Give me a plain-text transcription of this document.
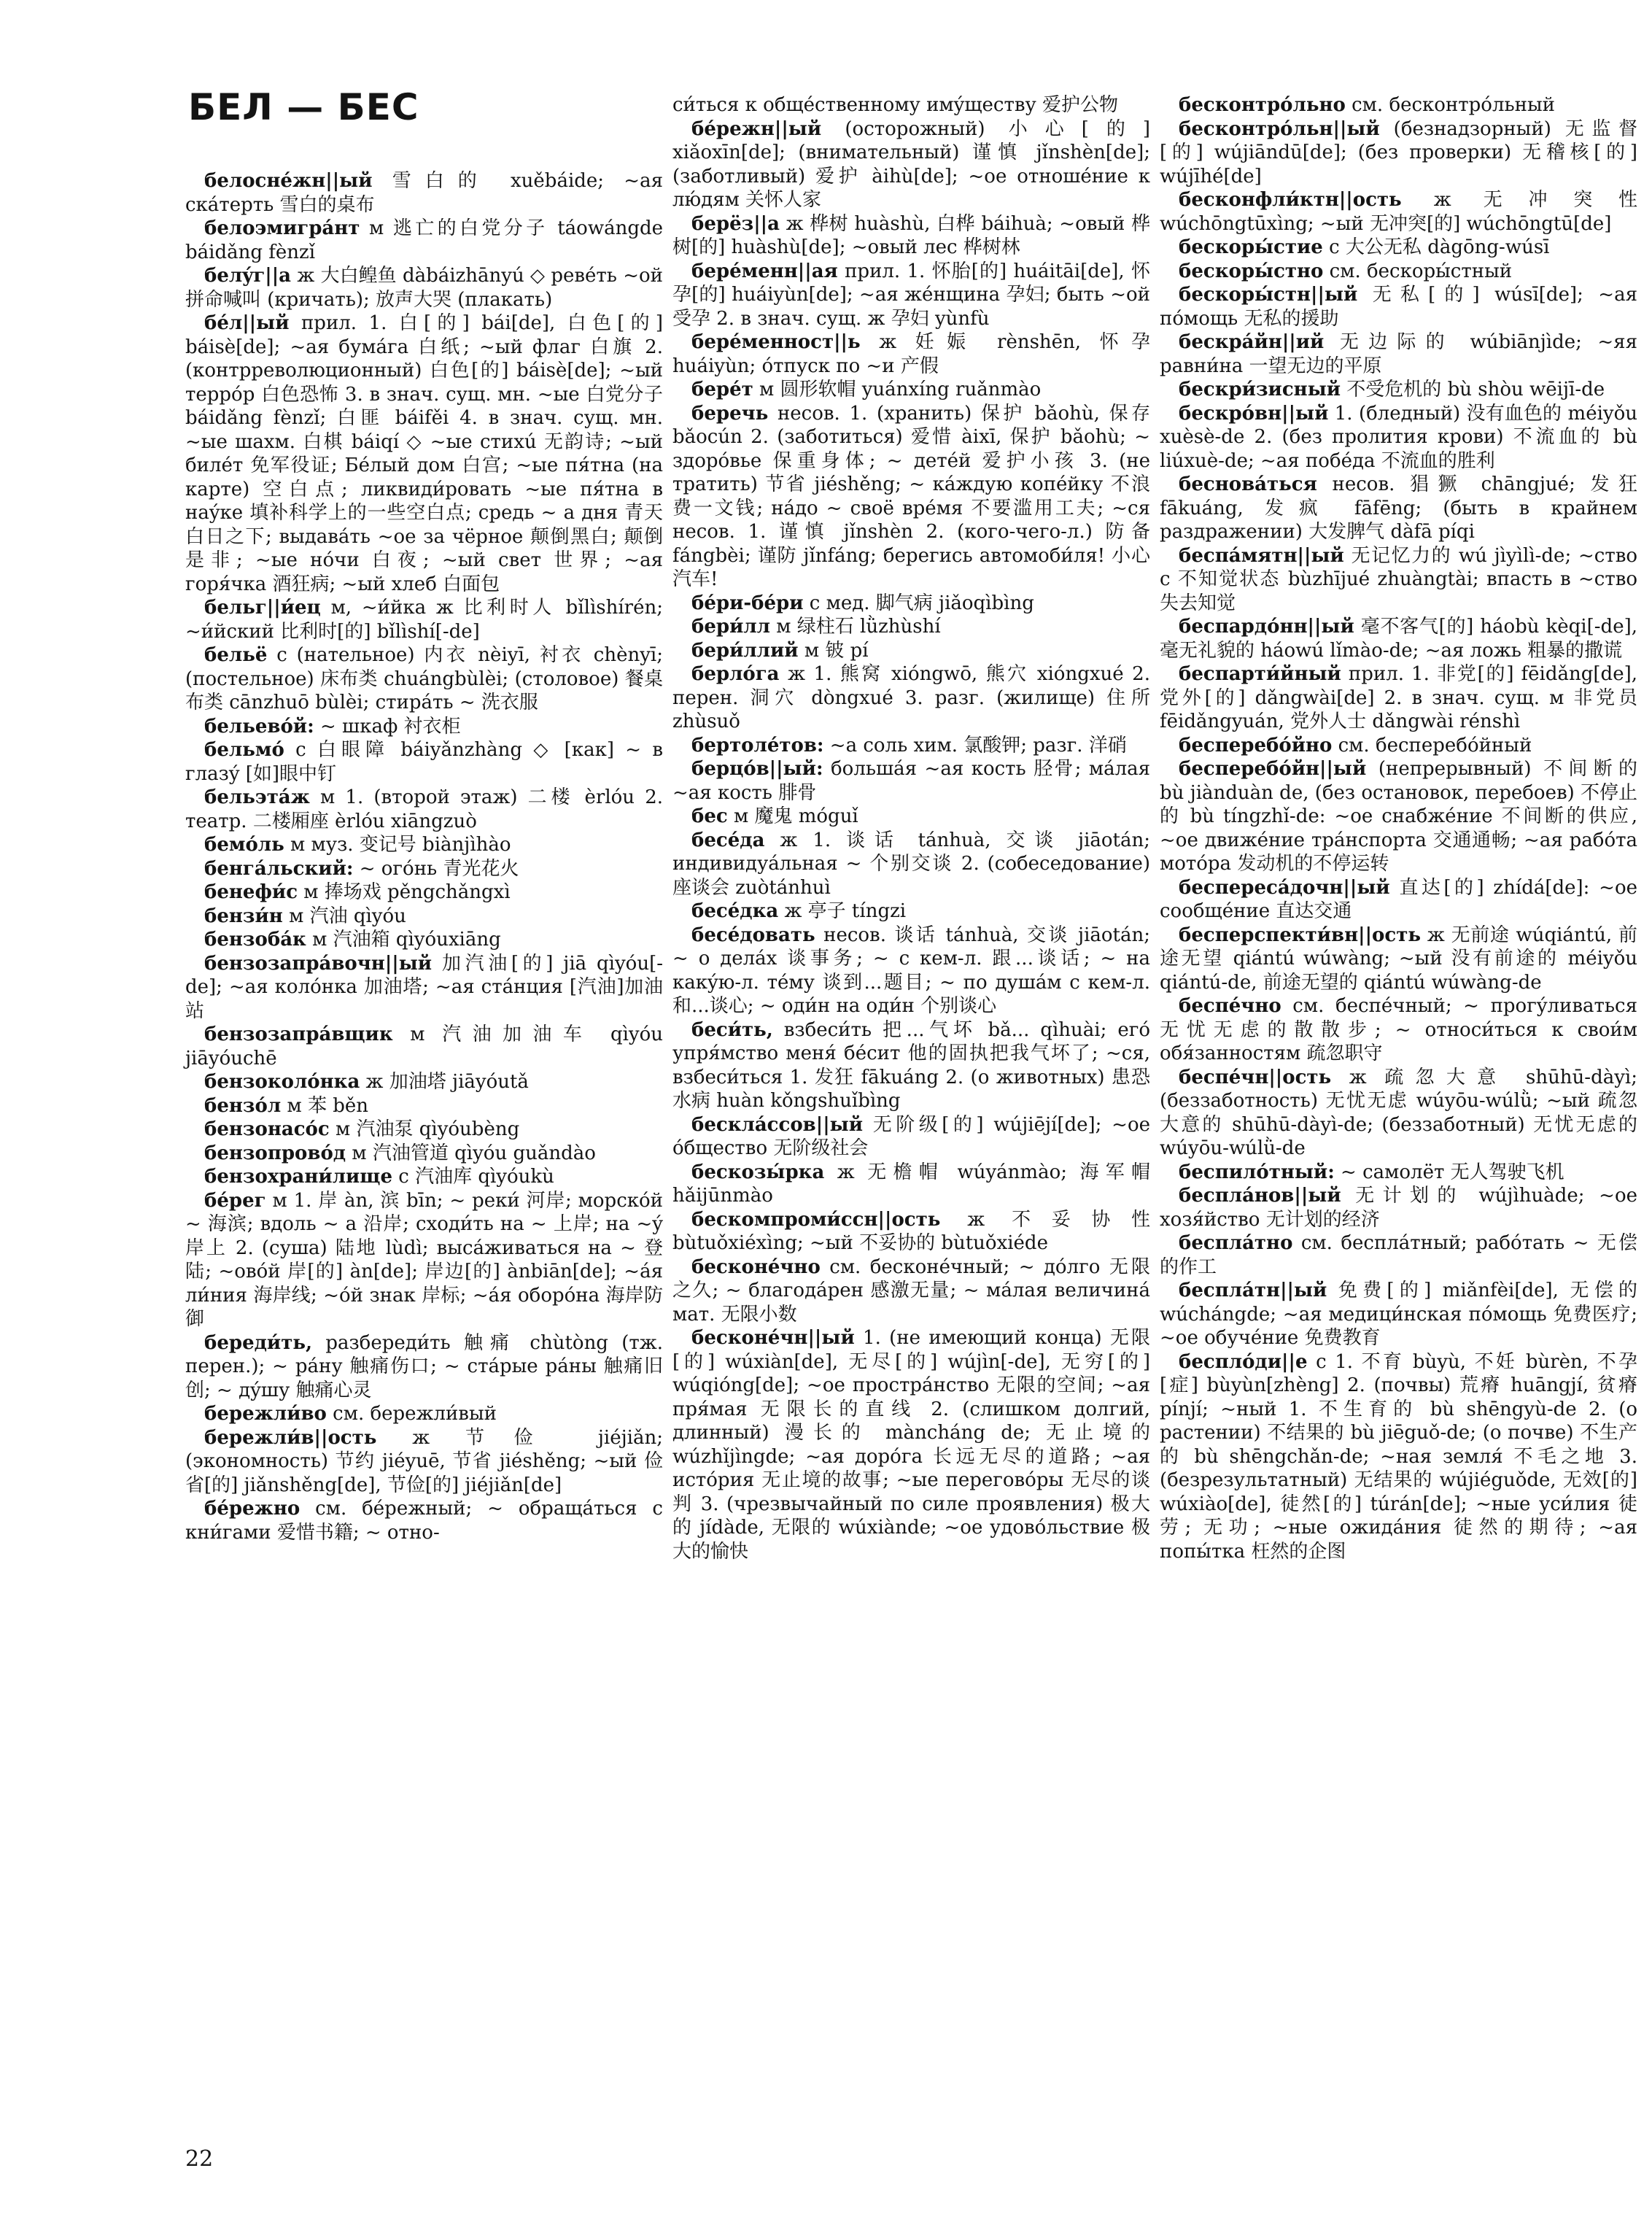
БЕЛ — БЕС

белоснéжн||ый 雪白的 xuěbáide; ~ая скáтерть 雪白的桌布

белоэмигрáнт м 逃亡的白党分子 táowángde báidǎng fènzǐ

белýг||а ж 大白鳇鱼 dàbáizhānyú ◇ ревéть ~ой 拼命喊叫 (кричать); 放声大哭 (плакать)

бéл||ый прил. 1. 白[的] bái[de], 白色[的] báisè[de]; ~ая бумáга 白纸; ~ый флаг 白旗 2. (контрреволюционный) 白色[的] báisè[de]; ~ый террóр 白色恐怖 3. в знач. сущ. мн. ~ые 白党分子 báidǎng fènzǐ; 白匪 báifěi 4. в знач. сущ. мн. ~ые шахм. 白棋 báiqí ◇ ~ые стихú 无韵诗; ~ый билéт 免军役证; Бéлый дом 白宫; ~ые пя́тна (на карте) 空白点; ликвиди́ровать ~ые пя́тна в наýке 填补科学上的一些空白点; средь ~ а дня 青天白日之下; выдавáть ~ое за чёрное 颠倒黑白; 颠倒是非; ~ые нóчи 白夜; ~ый свет 世界; ~ая горя́чка 酒狂病; ~ый хлеб 白面包

бельг||и́ец м, ~и́йка ж 比利时人 bǐlìshírén; ~и́йский 比利时[的] bǐlìshí[-de]

бельё с (нательное) 内衣 nèiyī, 衬衣 chènyī; (постельное) 床布类 chuángbùlèi; (столовое) 餐桌布类 cānzhuō bùlèi; стирáть ~ 洗衣服

бельевóй: ~ шкаф 衬衣柜

бельмó с 白眼障 báiyǎnzhàng ◇ [как] ~ в глазý [如]眼中钉

бельэтáж м 1. (второй этаж) 二楼 èrlóu 2. театр. 二楼厢座 èrlóu xiāngzuò

бемóль м муз. 变记号 biànjìhào

бенгáльский: ~ огóнь 青光花火

бенефи́с м 捧场戏 pěngchǎngxì

бензи́н м 汽油 qìyóu

бензобáк м 汽油箱 qìyóuxiāng

бензозапрáвочн||ый 加汽油[的] jiā qìyóu[-de]; ~ая колóнка 加油塔; ~ая стáнция [汽油]加油站

бензозапрáвщик м 汽油加油车 qìyóu jiāyóuchē

бензоколóнка ж 加油塔 jiāyóutǎ

бензóл м 苯 běn

бензонасóс м 汽油泵 qìyóubèng

бензопровóд м 汽油管道 qìyóu guǎndào

бензохрани́лище с 汽油库 qìyóukù

бéрег м 1. 岸 àn, 滨 bīn; ~ реки́ 河岸; морскóй ~ 海滨; вдоль ~ а 沿岸; сходи́ть на ~ 上岸; на ~ý 岸上 2. (суша) 陆地 lùdì; высáживаться на ~ 登陆; ~овóй 岸[的] àn[de]; 岸边[的] ànbiān[de]; ~áя ли́ния 海岸线; ~óй знак 岸标; ~áя оборóна 海岸防御

береди́ть, разбереди́ть 触痛 chùtòng (тж. перен.); ~ рáну 触痛伤口; ~ стáрые рáны 触痛旧创; ~ дýшу 触痛心灵

бережли́во см. бережли́вый

бережли́в||ость ж 节俭 jiéjiǎn; (экономность) 节约 jiéyuē, 节省 jiéshěng; ~ый 俭省[的] jiǎnshěng[de], 节俭[的] jiéjiǎn[de]

бéрежно см. бéрежный; ~ обращáться с кни́гами 爱惜书籍; ~ отно-

си́ться к общéственному имýществу 爱护公物

бéрежн||ый (осторожный) 小心[的] xiǎoxīn[de]; (внимательный) 谨慎 jǐnshèn[de]; (заботливый) 爱护 àihù[de]; ~ое отношéние к лю́дям 关怀人家

берёз||а ж 桦树 huàshù, 白桦 báihuà; ~овый 桦树[的] huàshù[de]; ~овый лес 桦树林

берéменн||ая прил. 1. 怀胎[的] huáitāi[de], 怀孕[的] huáiyùn[de]; ~ая жéнщина 孕妇; быть ~ой 受孕 2. в знач. сущ. ж 孕妇 yùnfù

берéменност||ь ж 妊娠 rènshēn, 怀孕 huáiyùn; óтпуск по ~и 产假

берéт м 圆形软帽 yuánxíng ruǎnmào

беречь несов. 1. (хранить) 保护 bǎohù, 保存 bǎocún 2. (заботиться) 爱惜 àixī, 保护 bǎohù; ~ здорóвье 保重身体; ~ детéй 爱护小孩 3. (не тратить) 节省 jiéshěng; ~ кáждую копéйку 不浪费一文钱; нáдо ~ своё врéмя 不要滥用工夫; ~ся несов. 1. 谨慎 jǐnshèn 2. (кого-чего-л.) 防备 fángbèi; 谨防 jǐnfáng; берегись автомоби́ля! 小心汽车!

бéри-бéри с мед. 脚气病 jiǎoqìbìng

бери́лл м 绿柱石 lǜzhùshí

бери́ллий м 铍 pí

берлóга ж 1. 熊窝 xióngwō, 熊穴 xióngxué 2. перен. 洞穴 dòngxué 3. разг. (жилище) 住所 zhùsuǒ

бертолéтов: ~а соль хим. 氯酸钾; разг. 洋硝

берцóв||ый: большáя ~ая кость 胫骨; мáлая ~ая кость 腓骨

бес м 魔鬼 móguǐ

бесéда ж 1. 谈话 tánhuà, 交谈 jiāotán; индивидуáльная ~ 个别交谈 2. (собеседование) 座谈会 zuòtánhuì

бесéдка ж 亭子 tíngzi

бесéдовать несов. 谈话 tánhuà, 交谈 jiāotán; ~ о делáх 谈事务; ~ с кем-л. 跟...谈话; ~ на какýю-л. тéму 谈到...题目; ~ по душáм с кем-л. 和...谈心; ~ оди́н на оди́н 个别谈心

беси́ть, взбеси́ть 把...气坏 bǎ... qìhuài; егó упря́мство меня́ бéсит 他的固执把我气坏了; ~ся, взбеси́ться 1. 发狂 fākuáng 2. (о животных) 患恐水病 huàn kǒngshuǐbìng

бесклáссов||ый 无阶级[的] wújiējí[de]; ~ое óбщество 无阶级社会

бескозы́рка ж 无檐帽 wúyánmào; 海军帽 hǎijūnmào

бескомпроми́ссн||ость ж 不妥协性 bùtuǒxiéxìng; ~ый 不妥协的 bùtuǒxiéde

бесконéчно см. бесконéчный; ~ дóлго 无限之久; ~ благодáрен 感激无量; ~ мáлая величинá мат. 无限小数

бесконéчн||ый 1. (не имеющий конца) 无限[的] wúxiàn[de], 无尽[的] wújìn[-de], 无穷[的] wúqióng[de]; ~ое прострáнство 无限的空间; ~ая пря́мая 无限长的直线 2. (слишком долгий, длинный) 漫长的 màncháng de; 无止境的 wúzhǐjìngde; ~ая дорóга 长远无尽的道路; ~ая истóрия 无止境的故事; ~ые переговóры 无尽的谈判 3. (чрезвычайный по силе проявления) 极大的 jídàde, 无限的 wúxiànde; ~ое удовóльствие 极大的愉快

бесконтрóльно см. бесконтрóльный

бесконтрóльн||ый (безнадзорный) 无监督[的] wújiāndū[de]; (без проверки) 无稽核[的] wújīhé[de]

бесконфли́ктн||ость ж 无冲突性 wúchōngtūxìng; ~ый 无冲突[的] wúchōngtū[de]

бескоры́стие с 大公无私 dàgōng-wúsī

бескоры́стно см. бескоры́стный

бескоры́стн||ый 无私[的] wúsī[de]; ~ая пóмощь 无私的援助

бескрáйн||ий 无边际的 wúbiānjìde; ~яя равни́на 一望无边的平原

бескри́зисный 不受危机的 bù shòu wēijī-de

бескрóвн||ый 1. (бледный) 没有血色的 méiyǒu xuèsè-de 2. (без пролития крови) 不流血的 bù liúxuè-de; ~ая побéда 不流血的胜利

бесновáться несов. 猖獗 chāngjué; 发狂 fākuáng, 发疯 fāfēng; (быть в крайнем раздражении) 大发脾气 dàfā píqi

беспáмятн||ый 无记忆力的 wú jìyìlì-de; ~ство с 不知觉状态 bùzhījué zhuàngtài; впасть в ~ство 失去知觉

беспардóнн||ый 毫不客气[的] háobù kèqi[-de], 毫无礼貌的 háowú lǐmào-de; ~ая ложь 粗暴的撒谎

беспарти́йный прил. 1. 非党[的] fēidǎng[de], 党外[的] dǎngwài[de] 2. в знач. сущ. м 非党员 fēidǎngyuán, 党外人士 dǎngwài rénshì

бесперебóйно см. бесперебóйный

бесперебóйн||ый (непрерывный) 不间断的 bù jiànduàn de, (без остановок, перебоев) 不停止的 bù tíngzhǐ-de: ~ое снабжéние 不间断的供应, ~ое движéние трáнспорта 交通通畅; ~ая рабóта мотóра 发动机的不停运转

беспересáдочн||ый 直达[的] zhídá[de]: ~ое сообщéние 直达交通

бесперспекти́вн||ость ж 无前途 wúqiántú, 前途无望 qiántú wúwàng; ~ый 没有前途的 méiyǒu qiántú-de, 前途无望的 qiántú wúwàng-de

беспéчно см. беспéчный; ~ прогýливаться 无忧无虑的散散步; ~ относи́ться к свои́м обя́занностям 疏忽职守

беспéчн||ость ж 疏忽大意 shūhū-dàyì; (беззаботность) 无忧无虑 wúyōu-wúlǜ; ~ый 疏忽大意的 shūhū-dàyì-de; (беззаботный) 无忧无虑的 wúyōu-wúlǜ-de

беспилóтный: ~ самолёт 无人驾驶飞机

бесплáнов||ый 无计划的 wújìhuàde; ~ое хозя́йство 无计划的经济

бесплáтно см. бесплáтный; рабóтать ~ 无偿的作工

бесплáтн||ый 免费[的] miǎnfèi[de], 无偿的 wúchángde; ~ая медици́нская пóмощь 免费医疗; ~ое обучéние 免费教育

бесплóди||е с 1. 不育 bùyù, 不妊 bùrèn, 不孕[症] bùyùn[zhèng] 2. (почвы) 荒瘠 huāngjí, 贫瘠 pínjí; ~ный 1. 不生育的 bù shēngyù-de 2. (о растении) 不结果的 bù jiēguǒ-de; (о почве) 不生产的 bù shēngchǎn-de; ~ная земля́ 不毛之地 3. (безрезультатный) 无结果的 wújiéguǒde, 无效[的] wúxiào[de], 徒然[的] túrán[de]; ~ные уси́лия 徒劳; 无功; ~ные ожидáния 徒然的期待; ~ая попы́тка 枉然的企图

22
